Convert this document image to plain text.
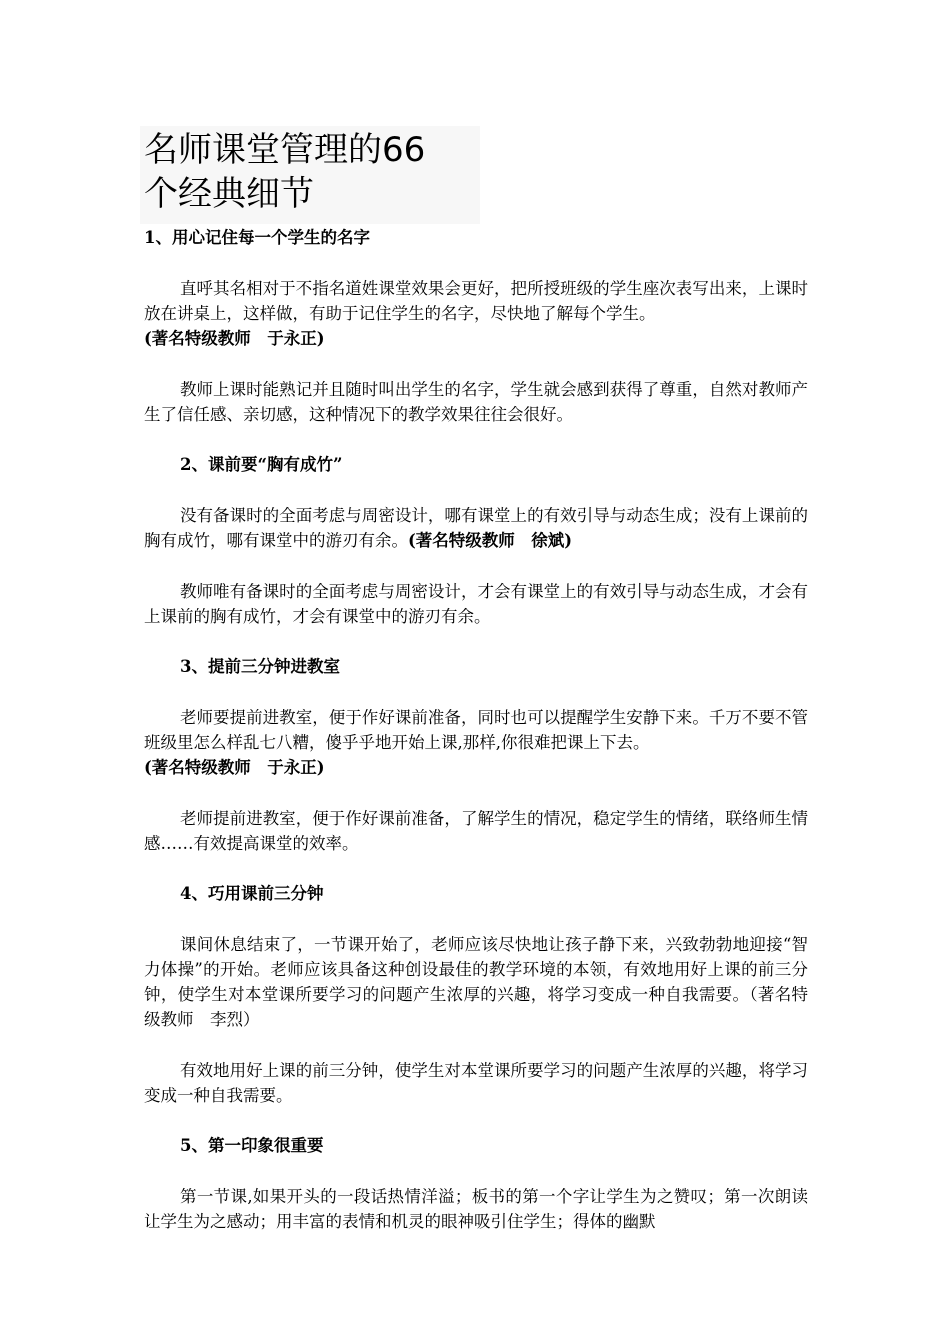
名师课堂管理的66
个经典细节
1、用心记住每一个学生的名字

直呼其名相对于不指名道姓课堂效果会更好，把所授班级的学生座次表写出来，上课时放在讲桌上，这样做，有助于记住学生的名字，尽快地了解每个学生。
(著名特级教师　于永正)

教师上课时能熟记并且随时叫出学生的名字，学生就会感到获得了尊重，自然对教师产生了信任感、亲切感，这种情况下的教学效果往往会很好。

2、课前要“胸有成竹”

没有备课时的全面考虑与周密设计，哪有课堂上的有效引导与动态生成；没有上课前的胸有成竹，哪有课堂中的游刃有余。(著名特级教师　徐斌)

教师唯有备课时的全面考虑与周密设计，才会有课堂上的有效引导与动态生成，才会有上课前的胸有成竹，才会有课堂中的游刃有余。

3、提前三分钟进教室

老师要提前进教室，便于作好课前准备，同时也可以提醒学生安静下来。千万不要不管班级里怎么样乱七八糟，傻乎乎地开始上课,那样,你很难把课上下去。
(著名特级教师　于永正)

老师提前进教室，便于作好课前准备，了解学生的情况，稳定学生的情绪，联络师生情感……有效提高课堂的效率。

4、巧用课前三分钟

课间休息结束了，一节课开始了，老师应该尽快地让孩子静下来，兴致勃勃地迎接“智力体操”的开始。老师应该具备这种创设最佳的教学环境的本领，有效地用好上课的前三分钟，使学生对本堂课所要学习的问题产生浓厚的兴趣，将学习变成一种自我需要。（著名特级教师　李烈）

有效地用好上课的前三分钟，使学生对本堂课所要学习的问题产生浓厚的兴趣，将学习变成一种自我需要。

5、第一印象很重要

第一节课,如果开头的一段话热情洋溢；板书的第一个字让学生为之赞叹；第一次朗读让学生为之感动；用丰富的表情和机灵的眼神吸引住学生；得体的幽默
